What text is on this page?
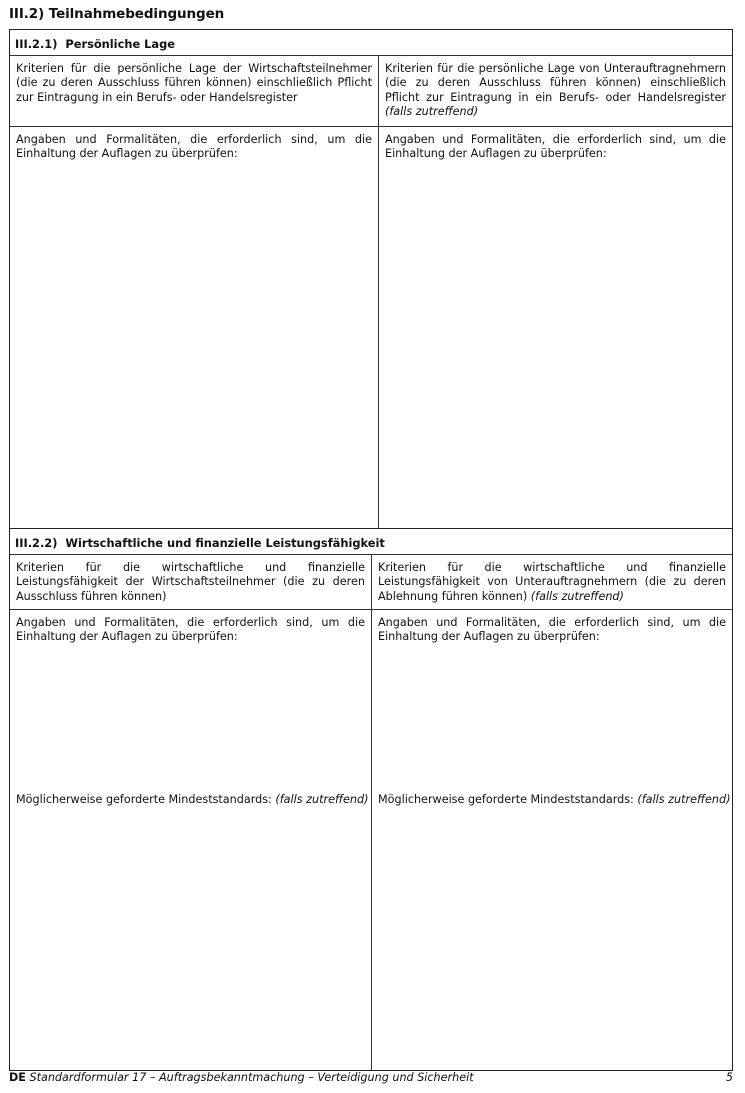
III.2) Teilnahmebedingungen
III.2.1) Persönliche Lage
Kriterien für die persönliche Lage der Wirtschaftsteilnehmer (die zu deren Ausschluss führen können) einschließlich Pflicht zur Eintragung in ein Berufs- oder Handelsregister
Kriterien für die persönliche Lage von Unterauftragnehmern (die zu deren Ausschluss führen können) einschließlich Pflicht zur Eintragung in ein Berufs- oder Handelsregister (falls zutreffend)
Angaben und Formalitäten, die erforderlich sind, um die Einhaltung der Auflagen zu überprüfen:
Angaben und Formalitäten, die erforderlich sind, um die Einhaltung der Auflagen zu überprüfen:
III.2.2) Wirtschaftliche und finanzielle Leistungsfähigkeit
Kriterien für die wirtschaftliche und finanzielle Leistungsfähigkeit der Wirtschaftsteilnehmer (die zu deren Ausschluss führen können)
Kriterien für die wirtschaftliche und finanzielle Leistungsfähigkeit von Unterauftragnehmern (die zu deren Ablehnung führen können) (falls zutreffend)
Angaben und Formalitäten, die erforderlich sind, um die Einhaltung der Auflagen zu überprüfen:
Angaben und Formalitäten, die erforderlich sind, um die Einhaltung der Auflagen zu überprüfen:
Möglicherweise geforderte Mindeststandards: (falls zutreffend) Möglicherweise geforderte Mindeststandards: (falls zutreffend)
DE Standardformular 17 – Auftragsbekanntmachung – Verteidigung und Sicherheit	5
